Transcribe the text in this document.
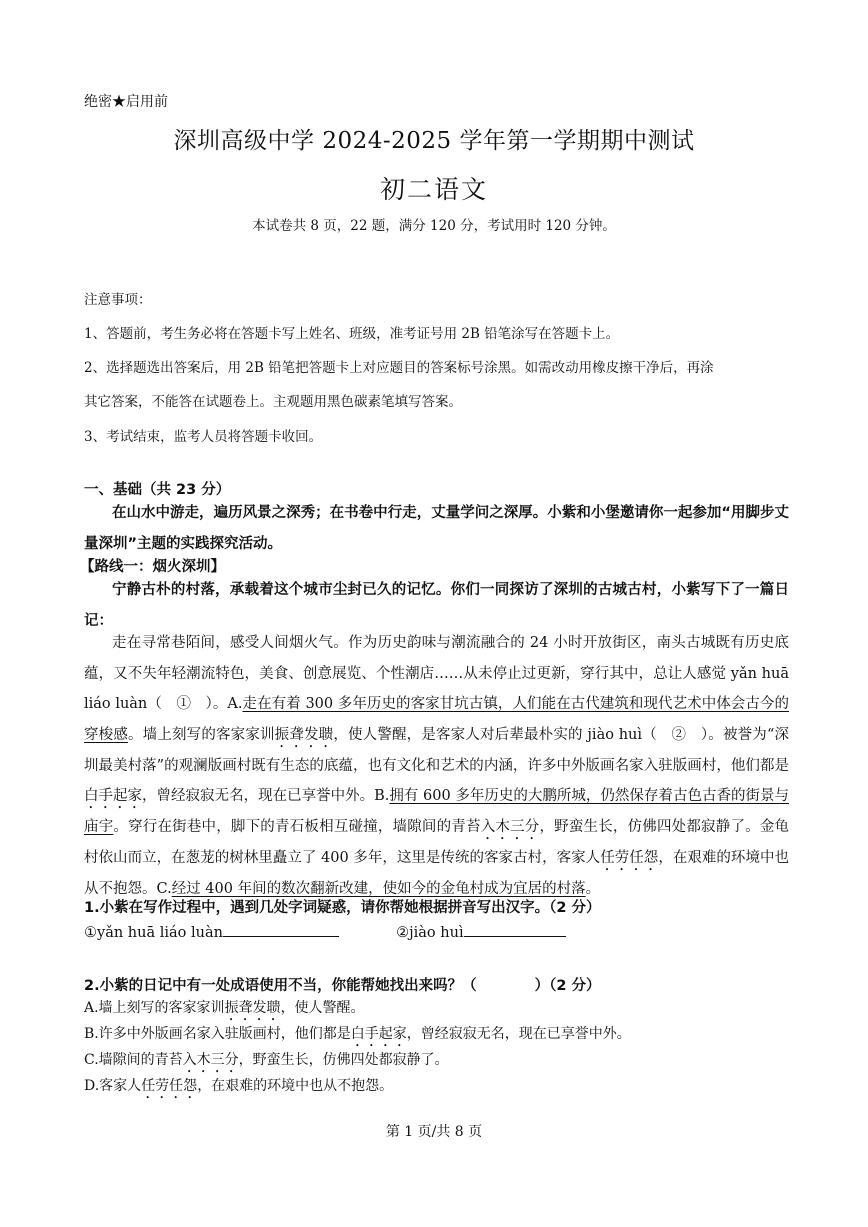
绝密★启用前
深圳高级中学 2024-2025 学年第一学期期中测试
初二语文
本试卷共 8 页，22 题，满分 120 分，考试用时 120 分钟。
注意事项：
1、答题前，考生务必将在答题卡写上姓名、班级，准考证号用 2B 铅笔涂写在答题卡上。
2、选择题选出答案后，用 2B 铅笔把答题卡上对应题目的答案标号涂黑。如需改动用橡皮擦干净后，再涂
其它答案，不能答在试题卷上。主观题用黑色碳素笔填写答案。
3、考试结束，监考人员将答题卡收回。
一、基础（共 23 分）
在山水中游走，遍历风景之深秀；在书卷中行走，丈量学问之深厚。小紫和小堡邀请你一起参加“用脚步丈量深圳”主题的实践探究活动。
【路线一：烟火深圳】
宁静古朴的村落，承载着这个城市尘封已久的记忆。你们一同探访了深圳的古城古村，小紫写下了一篇日记：
走在寻常巷陌间，感受人间烟火气。作为历史韵味与潮流融合的 24 小时开放街区，南头古城既有历史底蕴，又不失年轻潮流特色，美食、创意展览、个性潮店……从未停止过更新，穿行其中，总让人感觉 yǎn huā liáo luàn（　①　）。A.走在有着 300 多年历史的客家甘坑古镇，人们能在古代建筑和现代艺术中体会古今的穿梭感。墙上刻写的客家家训振聋发聩，使人警醒，是客家人对后辈最朴实的 jiào huì（　②　）。被誉为“深圳最美村落”的观澜版画村既有生态的底蕴，也有文化和艺术的内涵，许多中外版画名家入驻版画村，他们都是白手起家，曾经寂寂无名，现在已享誉中外。B.拥有 600 多年历史的大鹏所城，仍然保存着古色古香的街景与庙宇。穿行在街巷中，脚下的青石板相互碰撞，墙隙间的青苔入木三分，野蛮生长，仿佛四处都寂静了。金龟村依山而立，在葱茏的树林里矗立了 400 多年，这里是传统的客家古村，客家人任劳任怨，在艰难的环境中也从不抱怨。C.经过 400 年间的数次翻新改建，使如今的金龟村成为宜居的村落。
1.小紫在写作过程中，遇到几处字词疑惑，请你帮她根据拼音写出汉字。（2 分）
①yǎn huā liáo luàn	②jiào huì
2.小紫的日记中有一处成语使用不当，你能帮她找出来吗？（　　　　）（2 分）
A.墙上刻写的客家家训振聋发聩，使人警醒。
B.许多中外版画名家入驻版画村，他们都是白手起家，曾经寂寂无名，现在已享誉中外。
C.墙隙间的青苔入木三分，野蛮生长，仿佛四处都寂静了。
D.客家人任劳任怨，在艰难的环境中也从不抱怨。
第 1 页/共 8 页
